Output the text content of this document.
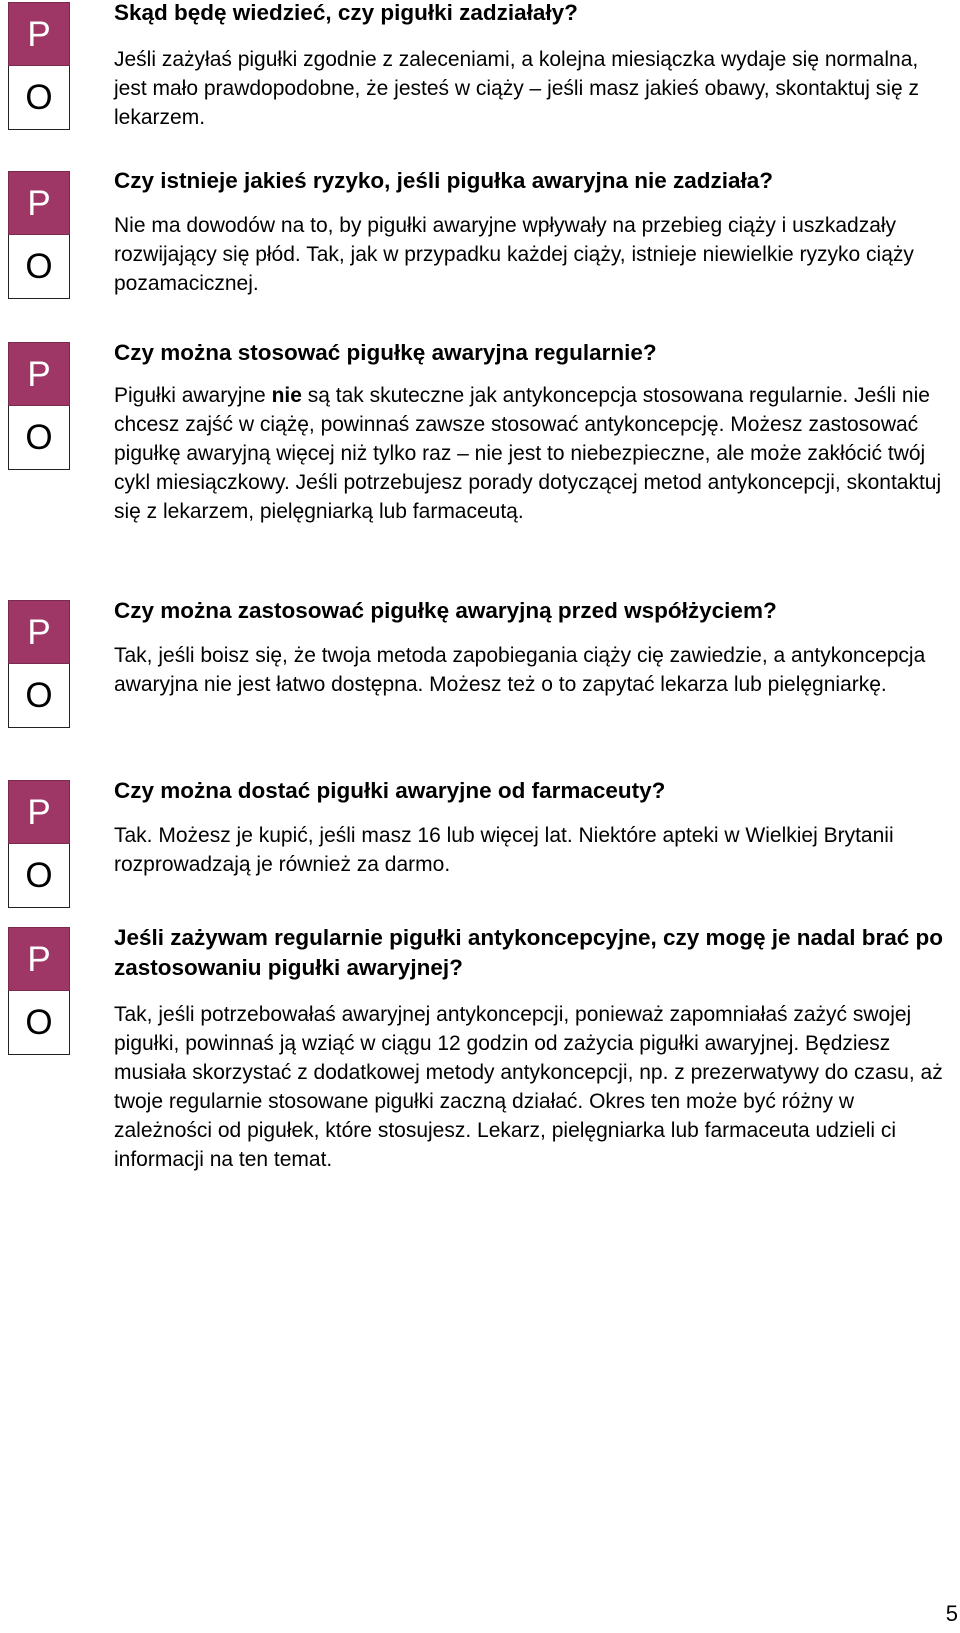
P
O

Skąd będę wiedzieć, czy pigułki zadziałały?

Jeśli zażyłaś pigułki zgodnie z zaleceniami, a kolejna miesiączka wydaje się normalna, jest mało prawdopodobne, że jesteś w ciąży – jeśli masz jakieś obawy, skontaktuj się z lekarzem.

P
O

Czy istnieje jakieś ryzyko, jeśli pigułka awaryjna nie zadziała?

Nie ma dowodów na to, by pigułki awaryjne wpływały na przebieg ciąży i uszkadzały rozwijający się płód. Tak, jak w przypadku każdej ciąży, istnieje niewielkie ryzyko ciąży pozamacicznej.

P
O

Czy można stosować pigułkę awaryjna regularnie?

Pigułki awaryjne nie są tak skuteczne jak antykoncepcja stosowana regularnie. Jeśli nie chcesz zajść w ciążę, powinnaś zawsze stosować antykoncepcję. Możesz zastosować pigułkę awaryjną więcej niż tylko raz – nie jest to niebezpieczne, ale może zakłócić twój cykl miesiączkowy. Jeśli potrzebujesz porady dotyczącej metod antykoncepcji, skontaktuj się z lekarzem, pielęgniarką lub farmaceutą.

P
O

Czy można zastosować pigułkę awaryjną przed współżyciem?

Tak, jeśli boisz się, że twoja metoda zapobiegania ciąży cię zawiedzie, a antykoncepcja awaryjna nie jest łatwo dostępna. Możesz też o to zapytać lekarza lub pielęgniarkę.

P
O

Czy można dostać pigułki awaryjne od farmaceuty?

Tak. Możesz je kupić, jeśli masz 16 lub więcej lat. Niektóre apteki w Wielkiej Brytanii rozprowadzają je również za darmo.

P
O

Jeśli zażywam regularnie pigułki antykoncepcyjne, czy mogę je nadal brać po zastosowaniu pigułki awaryjnej?

Tak, jeśli potrzebowałaś awaryjnej antykoncepcji, ponieważ zapomniałaś zażyć swojej pigułki, powinnaś ją wziąć w ciągu 12 godzin od zażycia pigułki awaryjnej. Będziesz musiała skorzystać z dodatkowej metody antykoncepcji, np. z prezerwatywy do czasu, aż twoje regularnie stosowane pigułki zaczną działać. Okres ten może być różny w zależności od pigułek, które stosujesz. Lekarz, pielęgniarka lub farmaceuta udzieli ci informacji na ten temat.

5
